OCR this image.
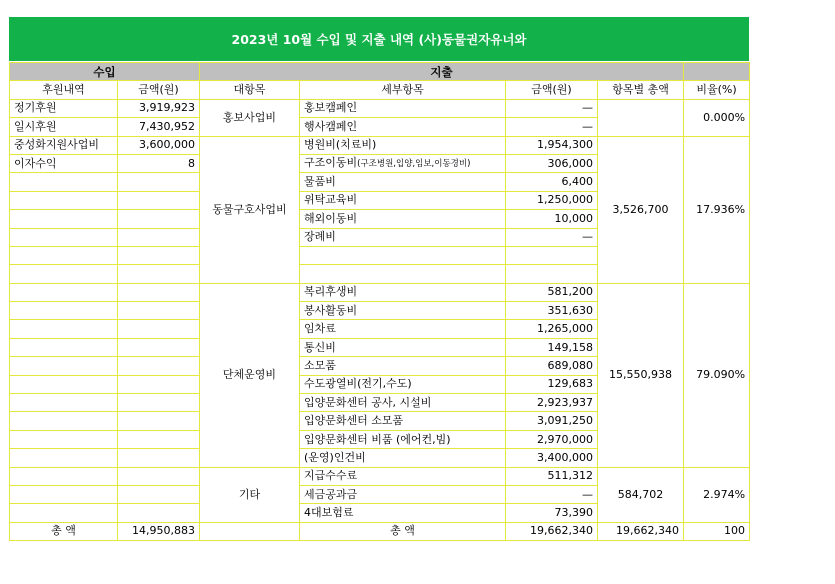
2023년 10월 수입 및 지출 내역 (사)동물권자유너와
수입		지출				
후원내역	금액(원)	대항목	세부항목	금액(원)	항목별 총액	비율(%)
정기후원	3,919,923	홍보사업비	홍보캠페인	—		0.000%
일시후원	7,430,952		행사캠페인	—		
중성화지원사업비	3,600,000	동물구호사업비	병원비(치료비)	1,954,300	3,526,700	17.936%
이자수익	8		구조이동비(구조병원,입양,임보,이동경비)	306,000		
			물품비	6,400		
			위탁교육비	1,250,000		
			해외이동비	10,000		
			장례비	—		

		단체운영비	복리후생비	581,200	15,550,938	79.090%
			봉사활동비	351,630		
			임차료	1,265,000		
			통신비	149,158		
			소모품	689,080		
			수도광열비(전기,수도)	129,683		
			입양문화센터 공사, 시설비	2,923,937		
			입양문화센터 소모품	3,091,250		
			입양문화센터 비품 (에어컨,빔)	2,970,000		
			(운영)인건비	3,400,000		
		기타	지급수수료	511,312	584,702	2.974%
			세금공과금	—		
			4대보험료	73,390		
총 액	14,950,883		총 액	19,662,340	19,662,340	100
